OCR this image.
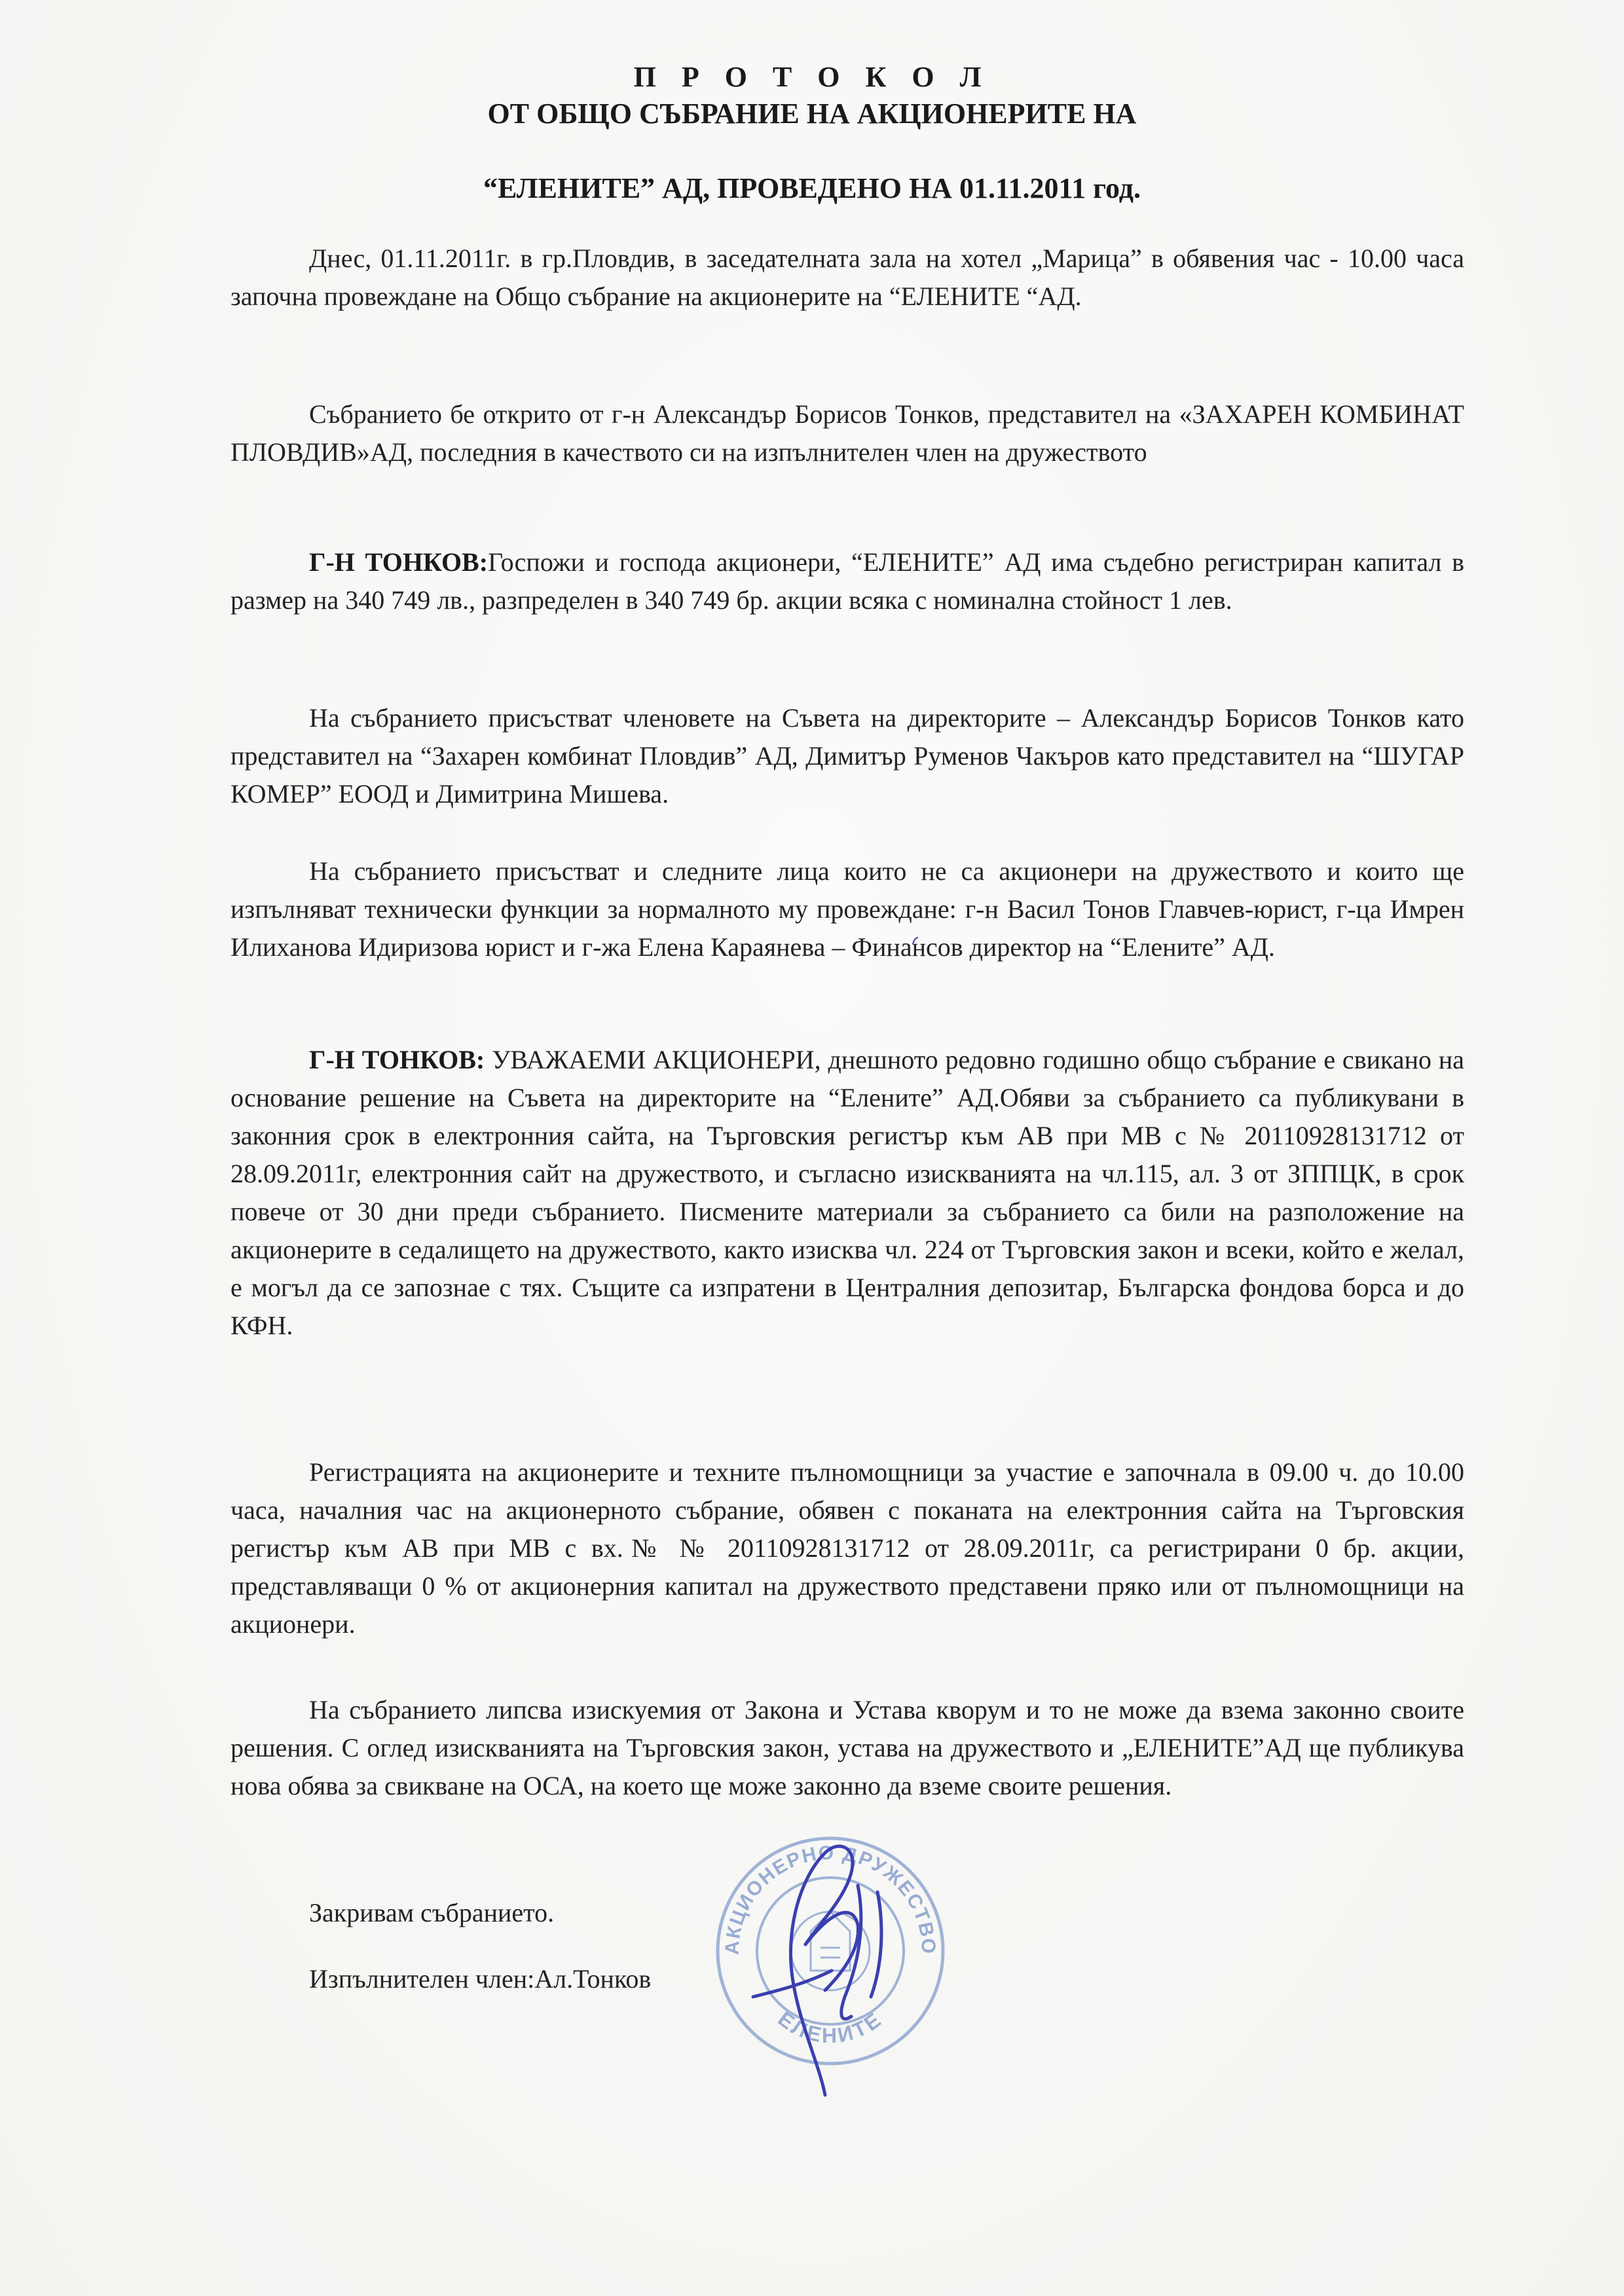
П Р О Т О К О Л
ОТ ОБЩО СЪБРАНИЕ НА АКЦИОНЕРИТЕ НА
“ЕЛЕНИТЕ” АД, ПРОВЕДЕНО НА 01.11.2011 год.
Днес, 01.11.2011г. в гр.Пловдив, в заседателната зала на хотел „Марица” в обявения час - 10.00 часа започна провеждане на Общо събрание на акционерите на “ЕЛЕНИТЕ “АД.
Събранието бе открито от г-н Александър Борисов Тонков, представител на «ЗАХАРЕН КОМБИНАТ ПЛОВДИВ»АД, последния в качеството си на изпълнителен член на дружеството
Г-Н ТОНКОВ:Госпожи и господа акционери, “ЕЛЕНИТЕ” АД има съдебно регистриран капитал в размер на 340 749 лв., разпределен в 340 749 бр. акции всяка с номинална стойност 1 лев.
На събранието присъстват членовете на Съвета на директорите – Александър Борисов Тонков като представител на “Захарен комбинат Пловдив” АД, Димитър Руменов Чакъров като представител на “ШУГАР КОМЕР” ЕООД и Димитрина Мишева.
На събранието присъстват и следните лица които не са акционери на дружеството и които ще изпълняват технически функции за нормалното му провеждане: г-н Васил Тонов Главчев-юрист, г-ца Имрен Илиханова Идиризова юрист и г-жа Елена Караянева – Финансов директор на “Елените” АД.
Г-Н ТОНКОВ: УВАЖАЕМИ АКЦИОНЕРИ, днешното редовно годишно общо събрание е свикано на основание решение на Съвета на директорите на “Елените” АД.Обяви за събранието са публикувани в законния срок в електронния сайта, на Търговския регистър към АВ при МВ с № 20110928131712 от 28.09.2011г, електронния сайт на дружеството, и съгласно изискванията на чл.115, ал. 3 от ЗППЦК, в срок повече от 30 дни преди събранието. Писмените материали за събранието са били на разположение на акционерите в седалището на дружеството, както изисква чл. 224 от Търговския закон и всеки, който е желал, е могъл да се запознае с тях. Същите са изпратени в Централния депозитар, Българска фондова борса и до КФН.
Регистрацията на акционерите и техните пълномощници за участие е започнала в 09.00 ч. до 10.00 часа, началния час на акционерното събрание, обявен с поканата на електронния сайта на Търговския регистър към АВ при МВ с вх.№ № 20110928131712 от 28.09.2011г, са регистрирани 0 бр. акции, представляващи 0 % от акционерния капитал на дружеството представени пряко или от пълномощници на акционери.
На събранието липсва изискуемия от Закона и Устава кворум и то не може да взема законно своите решения. С оглед изискванията на Търговския закон, устава на дружеството и „ЕЛЕНИТЕ”АД ще публикува нова обява за свикване на ОСА, на което ще може законно да вземе своите решения.
Закривам събранието.
Изпълнителен член:Ал.Тонков
АКЦИОНЕРНО ДРУЖЕСТВО
ЕЛЕНИТЕ
